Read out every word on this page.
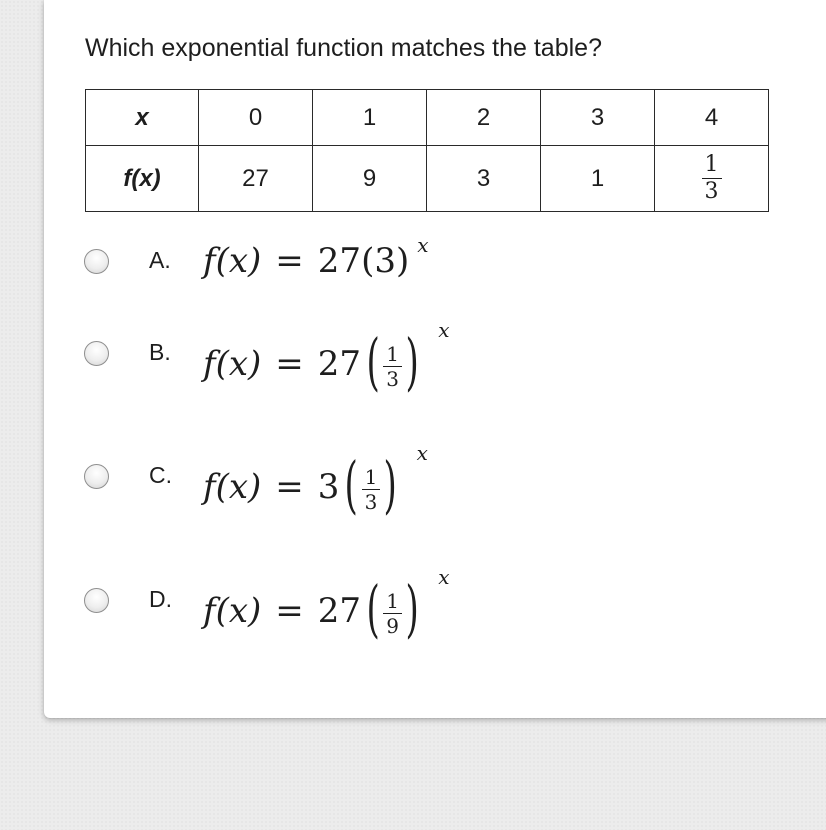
Which exponential function matches the table?
x	0	1	2	3	4
f(x)	27	9	3	1	$\frac{1}{3}$
A. f(x) = 27(3) $^x$
B. $f(x) = 27( \frac{1}{3}$ ) $^x$
C. $f(x) = 3( \frac{1}{3}$ ) $^x$
D. $f(x) = 27( \frac{1}{9}$ ) $^x$
